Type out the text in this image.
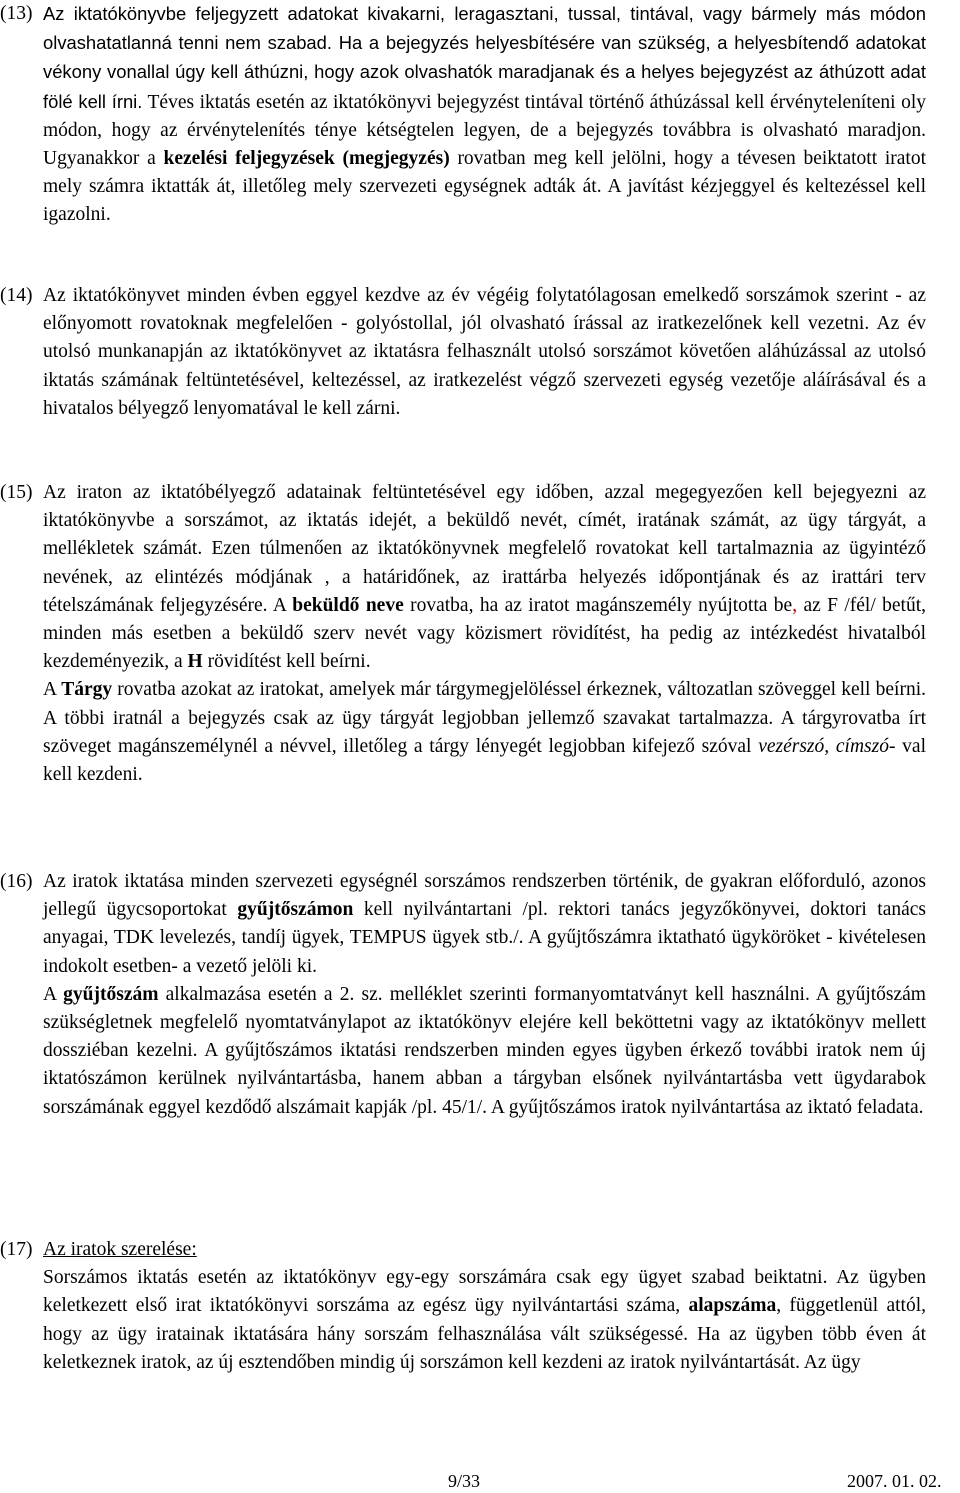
(13) Az iktatókönyvbe feljegyzett adatokat kivakarni, leragasztani, tussal, tintával, vagy bármely más módon olvashatatlanná tenni nem szabad. Ha a bejegyzés helyesbítésére van szükség, a helyesbítendő adatokat vékony vonallal úgy kell áthúzni, hogy azok olvashatók maradjanak és a helyes bejegyzést az áthúzott adat fölé kell írni. Téves iktatás esetén az iktatókönyvi bejegyzést tintával történő áthúzással kell érvényteleníteni oly módon, hogy az érvénytelenítés ténye kétségtelen legyen, de a bejegyzés továbbra is olvasható maradjon. Ugyanakkor a kezelési feljegyzések (megjegyzés) rovatban meg kell jelölni, hogy a tévesen beiktatott iratot mely számra iktatták át, illetőleg mely szervezeti egységnek adták át. A javítást kézjeggyel és keltezéssel kell igazolni.

(14) Az iktatókönyvet minden évben eggyel kezdve az év végéig folytatólagosan emelkedő sorszámok szerint - az előnyomott rovatoknak megfelelően - golyóstollal, jól olvasható írással az iratkezelőnek kell vezetni. Az év utolsó munkanapján az iktatókönyvet az iktatásra felhasznált utolsó sorszámot követően aláhúzással az utolsó iktatás számának feltüntetésével, keltezéssel, az iratkezelést végző szervezeti egység vezetője aláírásával és a hivatalos bélyegző lenyomatával le kell zárni.

(15) Az iraton az iktatóbélyegző adatainak feltüntetésével egy időben, azzal megegyezően kell bejegyezni az iktatókönyvbe a sorszámot, az iktatás idejét, a beküldő nevét, címét, iratának számát, az ügy tárgyát, a mellékletek számát. Ezen túlmenően az iktatókönyvnek megfelelő rovatokat kell tartalmaznia az ügyintéző nevének, az elintézés módjának , a határidőnek, az irattárba helyezés időpontjának és az irattári terv tételszámának feljegyzésére. A beküldő neve rovatba, ha az iratot magánszemély nyújtotta be, az F /fél/ betűt, minden más esetben a beküldő szerv nevét vagy közismert rövidítést, ha pedig az intézkedést hivatalból kezdeményezik, a H rövidítést kell beírni.

A Tárgy rovatba azokat az iratokat, amelyek már tárgymegjelöléssel érkeznek, változatlan szöveggel kell beírni. A többi iratnál a bejegyzés csak az ügy tárgyát legjobban jellemző szavakat tartalmazza. A tárgyrovatba írt szöveget magánszemélynél a névvel, illetőleg a tárgy lényegét legjobban kifejező szóval vezérszó, címszó- val kell kezdeni.

(16) Az iratok iktatása minden szervezeti egységnél sorszámos rendszerben történik, de gyakran előforduló, azonos jellegű ügycsoportokat gyűjtőszámon kell nyilvántartani /pl. rektori tanács jegyzőkönyvei, doktori tanács anyagai, TDK levelezés, tandíj ügyek, TEMPUS ügyek stb./. A gyűjtőszámra iktatható ügyköröket - kivételesen indokolt esetben- a vezető jelöli ki.

A gyűjtőszám alkalmazása esetén a 2. sz. melléklet szerinti formanyomtatványt kell használni. A gyűjtőszám szükségletnek megfelelő nyomtatványlapot az iktatókönyv elejére kell beköttetni vagy az iktatókönyv mellett dossziéban kezelni. A gyűjtőszámos iktatási rendszerben minden egyes ügyben érkező további iratok nem új iktatószámon kerülnek nyilvántartásba, hanem abban a tárgyban elsőnek nyilvántartásba vett ügydarabok sorszámának eggyel kezdődő alszámait kapják /pl. 45/1/. A gyűjtőszámos iratok nyilvántartása az iktató feladata.

(17) Az iratok szerelése:

Sorszámos iktatás esetén az iktatókönyv egy-egy sorszámára csak egy ügyet szabad beiktatni. Az ügyben keletkezett első irat iktatókönyvi sorszáma az egész ügy nyilvántartási száma, alapszáma, függetlenül attól, hogy az ügy iratainak iktatására hány sorszám felhasználása vált szükségessé. Ha az ügyben több éven át keletkeznek iratok, az új esztendőben mindig új sorszámon kell kezdeni az iratok nyilvántartását. Az ügy

9/33	2007. 01. 02.
